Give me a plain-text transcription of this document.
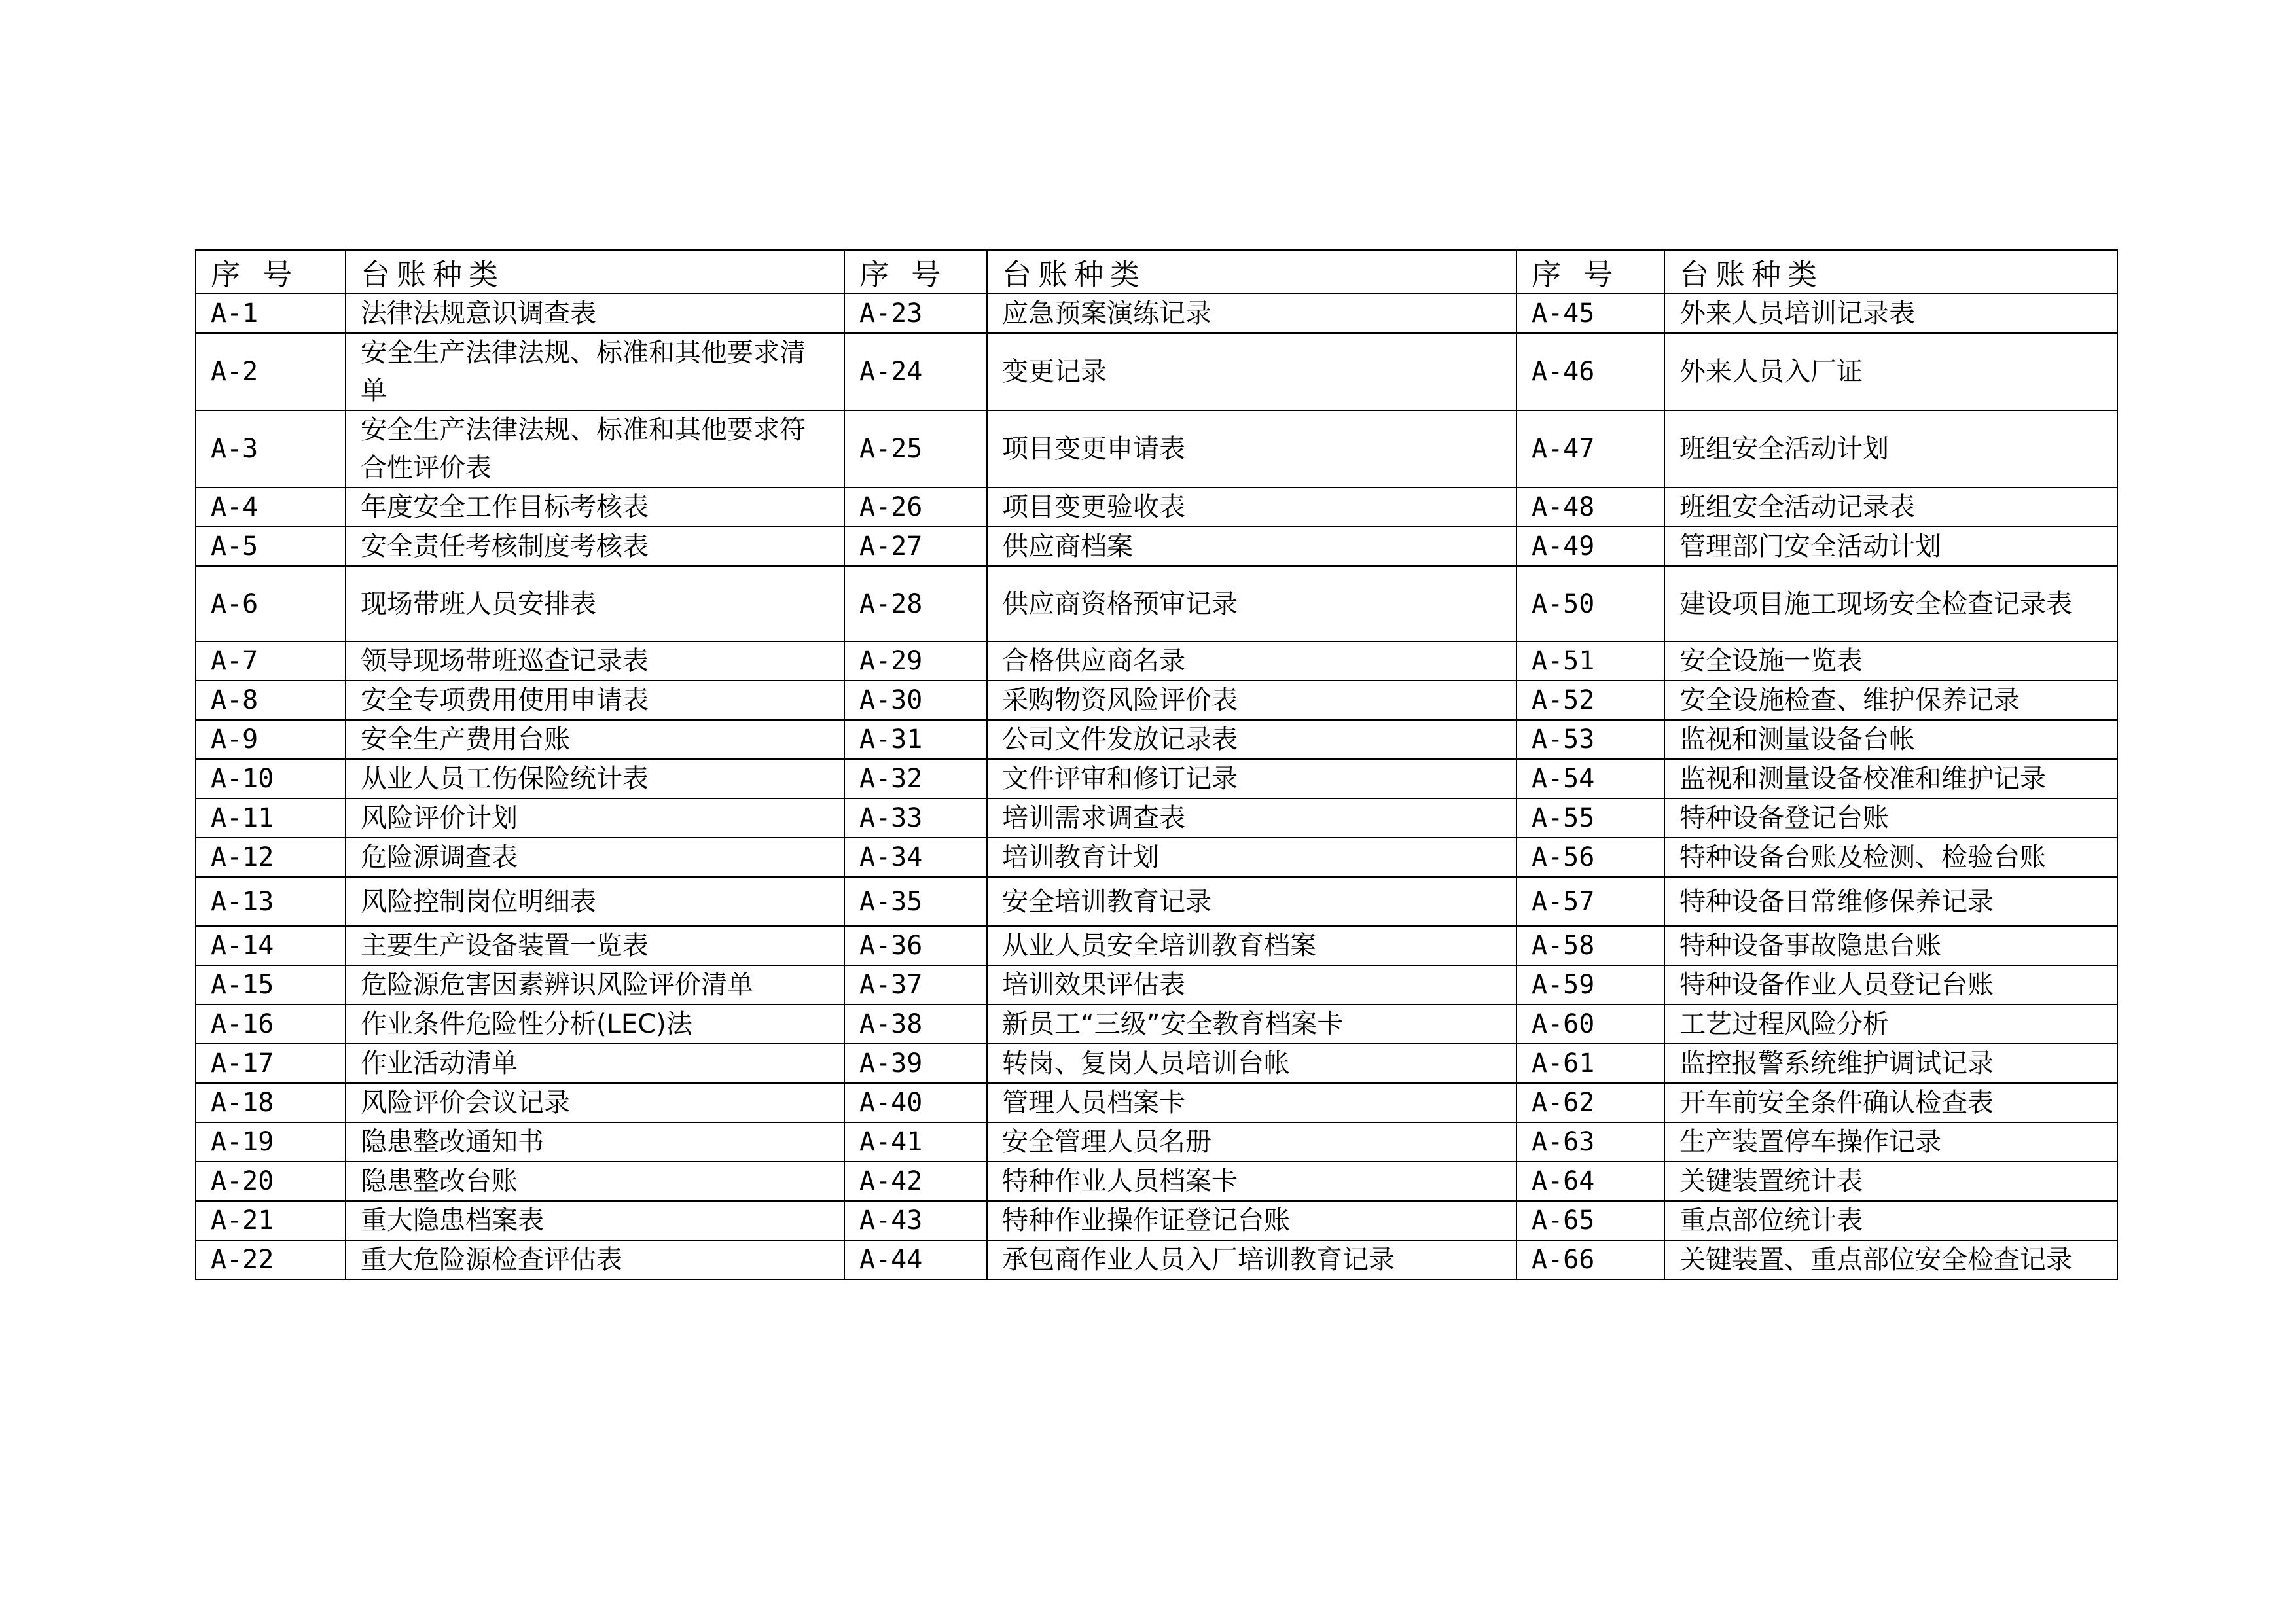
序 号	台账种类	序 号	台账种类	序 号	台账种类
A-1	法律法规意识调查表	A-23	应急预案演练记录	A-45	外来人员培训记录表
A-2	安全生产法律法规、标准和其他要求清单	A-24	变更记录	A-46	外来人员入厂证
A-3	安全生产法律法规、标准和其他要求符合性评价表	A-25	项目变更申请表	A-47	班组安全活动计划
A-4	年度安全工作目标考核表	A-26	项目变更验收表	A-48	班组安全活动记录表
A-5	安全责任考核制度考核表	A-27	供应商档案	A-49	管理部门安全活动计划
A-6	现场带班人员安排表	A-28	供应商资格预审记录	A-50	建设项目施工现场安全检查记录表
A-7	领导现场带班巡查记录表	A-29	合格供应商名录	A-51	安全设施一览表
A-8	安全专项费用使用申请表	A-30	采购物资风险评价表	A-52	安全设施检查、维护保养记录
A-9	安全生产费用台账	A-31	公司文件发放记录表	A-53	监视和测量设备台帐
A-10	从业人员工伤保险统计表	A-32	文件评审和修订记录	A-54	监视和测量设备校准和维护记录
A-11	风险评价计划	A-33	培训需求调查表	A-55	特种设备登记台账
A-12	危险源调查表	A-34	培训教育计划	A-56	特种设备台账及检测、检验台账
A-13	风险控制岗位明细表	A-35	安全培训教育记录	A-57	特种设备日常维修保养记录
A-14	主要生产设备装置一览表	A-36	从业人员安全培训教育档案	A-58	特种设备事故隐患台账
A-15	危险源危害因素辨识风险评价清单	A-37	培训效果评估表	A-59	特种设备作业人员登记台账
A-16	作业条件危险性分析(LEC)法	A-38	新员工“三级”安全教育档案卡	A-60	工艺过程风险分析
A-17	作业活动清单	A-39	转岗、复岗人员培训台帐	A-61	监控报警系统维护调试记录
A-18	风险评价会议记录	A-40	管理人员档案卡	A-62	开车前安全条件确认检查表
A-19	隐患整改通知书	A-41	安全管理人员名册	A-63	生产装置停车操作记录
A-20	隐患整改台账	A-42	特种作业人员档案卡	A-64	关键装置统计表
A-21	重大隐患档案表	A-43	特种作业操作证登记台账	A-65	重点部位统计表
A-22	重大危险源检查评估表	A-44	承包商作业人员入厂培训教育记录	A-66	关键装置、重点部位安全检查记录
